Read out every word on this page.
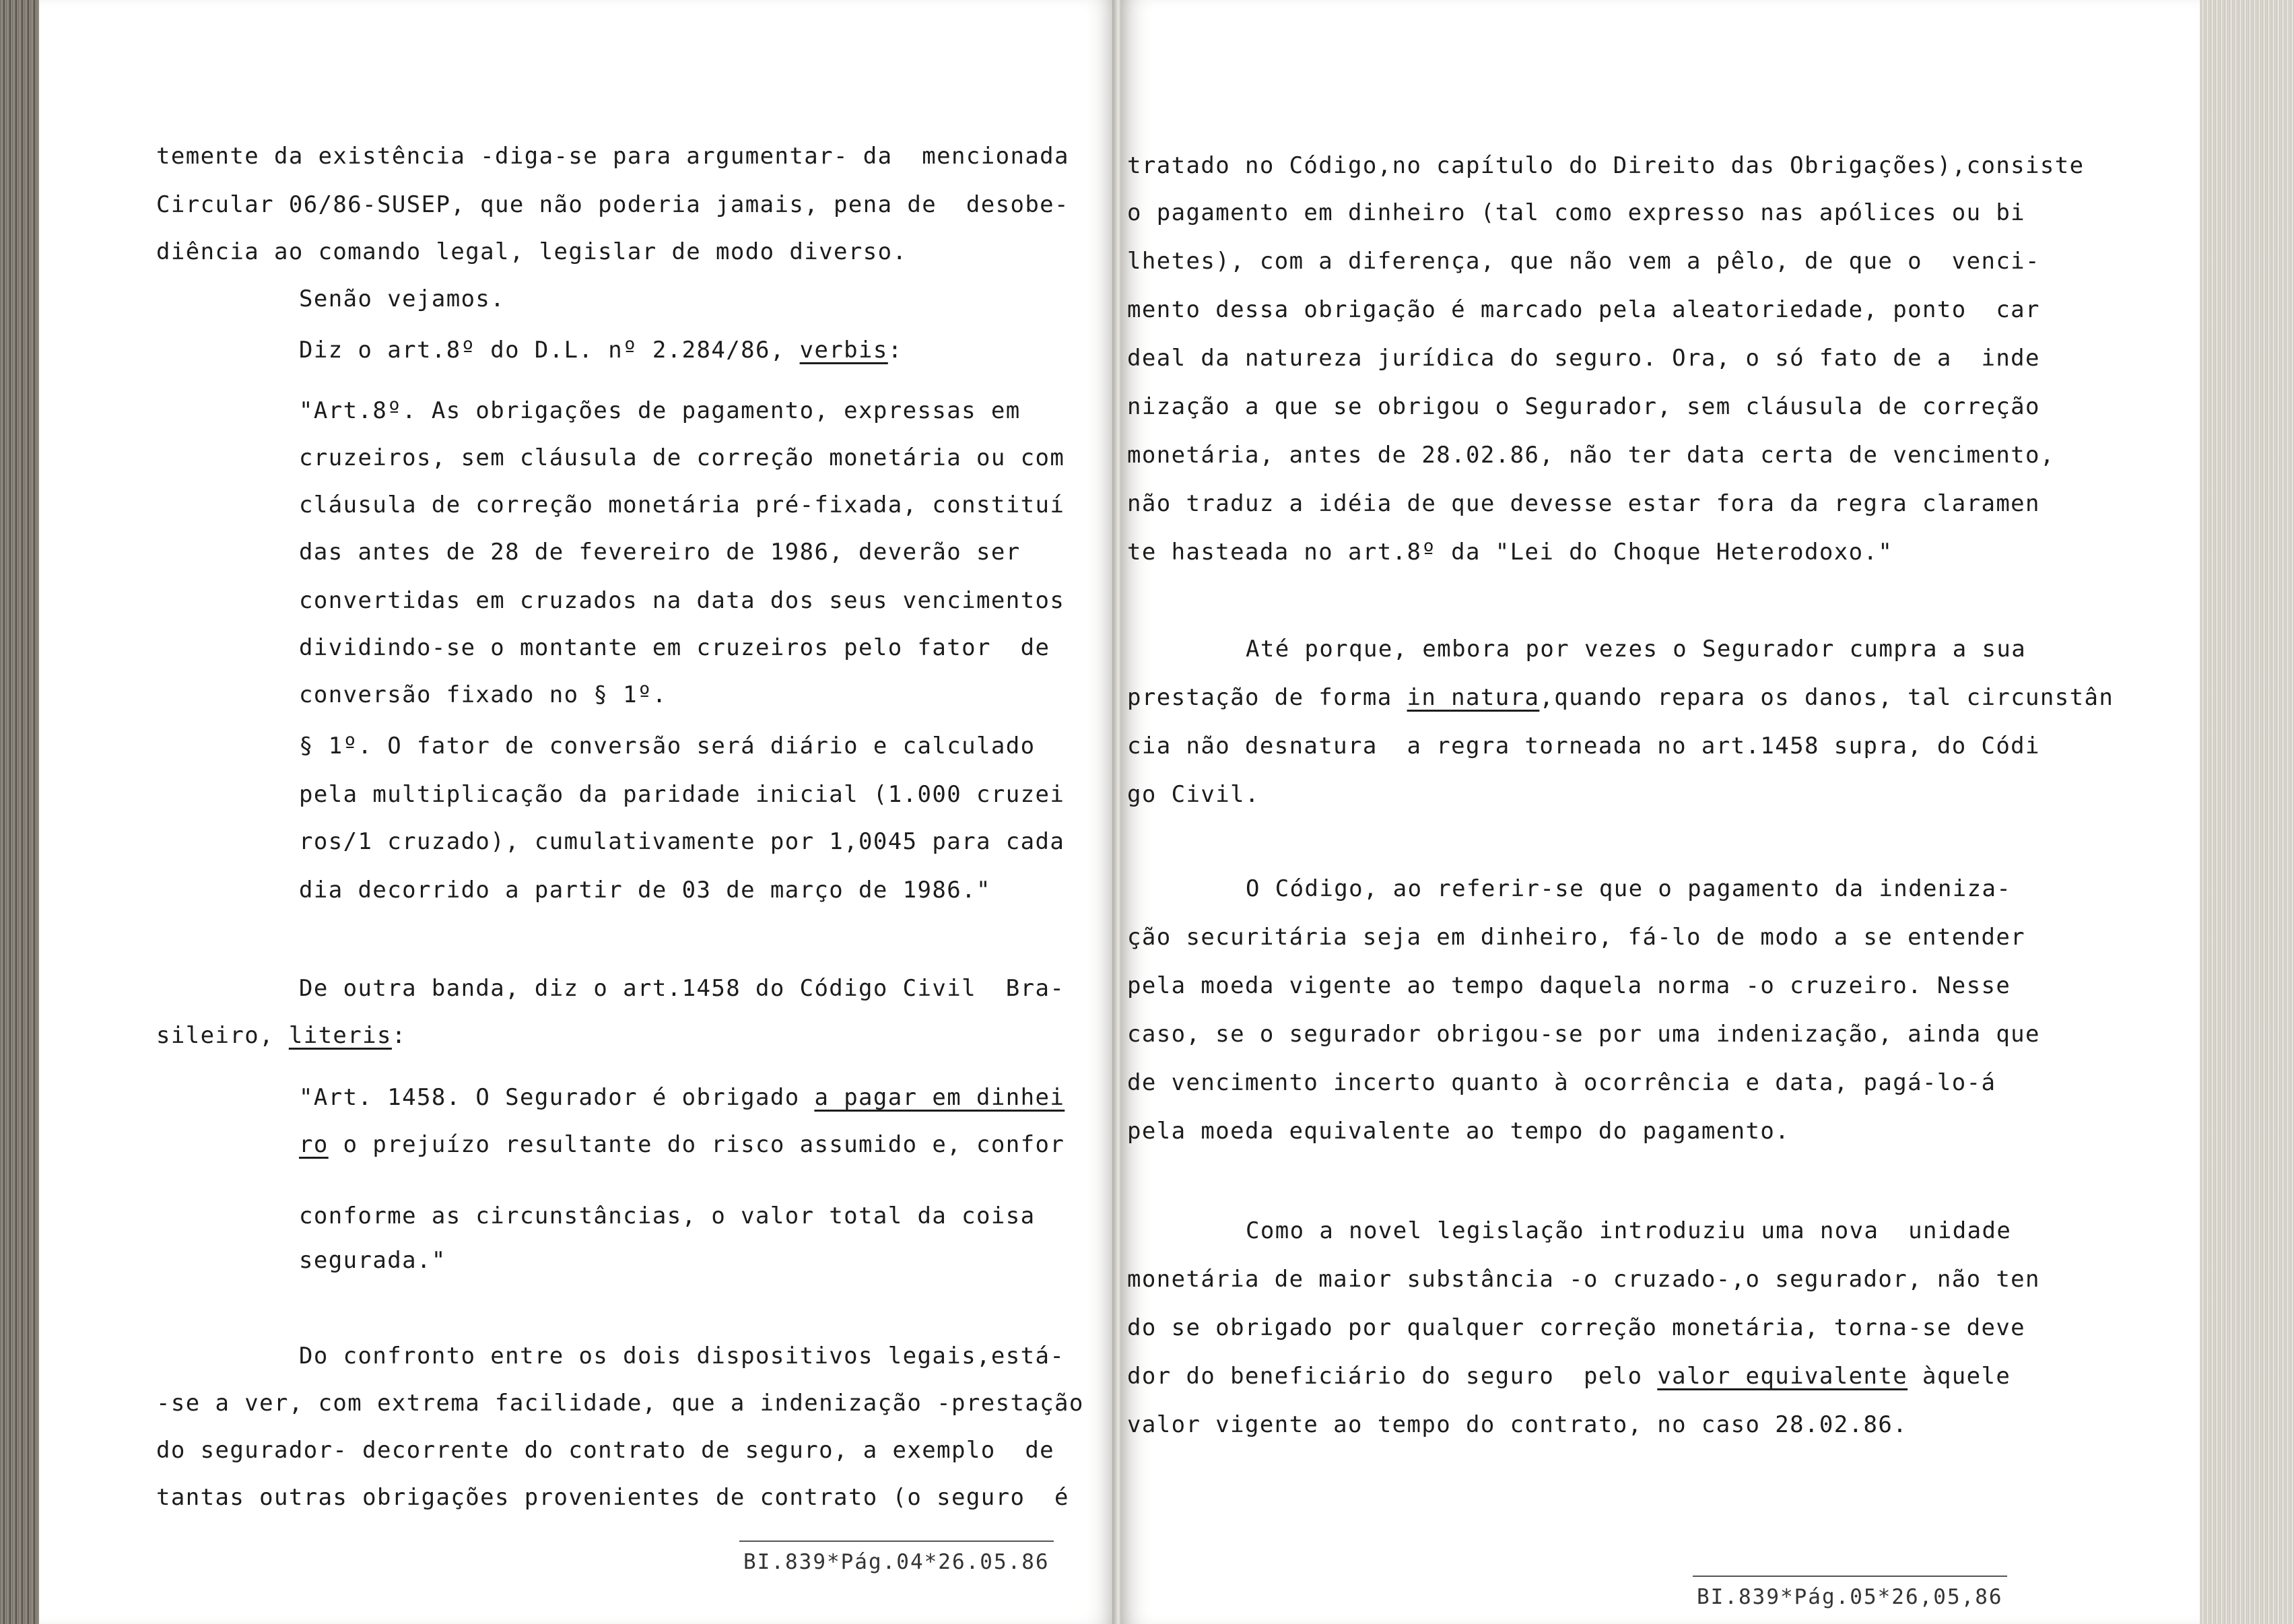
temente da existência -diga-se para argumentar- da  mencionada

Circular 06/86-SUSEP, que não poderia jamais, pena de  desobe-

diência ao comando legal, legislar de modo diverso.

Senão vejamos.

Diz o art.8º do D.L. nº 2.284/86, verbis:

"Art.8º. As obrigações de pagamento, expressas em

cruzeiros, sem cláusula de correção monetária ou com

cláusula de correção monetária pré-fixada, constituí

das antes de 28 de fevereiro de 1986, deverão ser

convertidas em cruzados na data dos seus vencimentos

dividindo-se o montante em cruzeiros pelo fator  de

conversão fixado no § 1º.

§ 1º. O fator de conversão será diário e calculado

pela multiplicação da paridade inicial (1.000 cruzei

ros/1 cruzado), cumulativamente por 1,0045 para cada

dia decorrido a partir de 03 de março de 1986."

De outra banda, diz o art.1458 do Código Civil  Bra-

sileiro, literis:

"Art. 1458. O Segurador é obrigado a pagar em dinhei

ro o prejuízo resultante do risco assumido e, confor

conforme as circunstâncias, o valor total da coisa

segurada."

Do confronto entre os dois dispositivos legais,está-

-se a ver, com extrema facilidade, que a indenização -prestação

do segurador- decorrente do contrato de seguro, a exemplo  de

tantas outras obrigações provenientes de contrato (o seguro  é

BI.839*Pág.04*26.05.86

tratado no Código,no capítulo do Direito das Obrigações),consiste

o pagamento em dinheiro (tal como expresso nas apólices ou bi

lhetes), com a diferença, que não vem a pêlo, de que o  venci-

mento dessa obrigação é marcado pela aleatoriedade, ponto  car

deal da natureza jurídica do seguro. Ora, o só fato de a  inde

nização a que se obrigou o Segurador, sem cláusula de correção

monetária, antes de 28.02.86, não ter data certa de vencimento,

não traduz a idéia de que devesse estar fora da regra claramen

te hasteada no art.8º da "Lei do Choque Heterodoxo."

Até porque, embora por vezes o Segurador cumpra a sua

prestação de forma in natura,quando repara os danos, tal circunstân

cia não desnatura  a regra torneada no art.1458 supra, do Códi

go Civil.

O Código, ao referir-se que o pagamento da indeniza-

ção securitária seja em dinheiro, fá-lo de modo a se entender

pela moeda vigente ao tempo daquela norma -o cruzeiro. Nesse

caso, se o segurador obrigou-se por uma indenização, ainda que

de vencimento incerto quanto à ocorrência e data, pagá-lo-á

pela moeda equivalente ao tempo do pagamento.

Como a novel legislação introduziu uma nova  unidade

monetária de maior substância -o cruzado-,o segurador, não ten

do se obrigado por qualquer correção monetária, torna-se deve

dor do beneficiário do seguro  pelo valor equivalente àquele

valor vigente ao tempo do contrato, no caso 28.02.86.

BI.839*Pág.05*26,05,86
